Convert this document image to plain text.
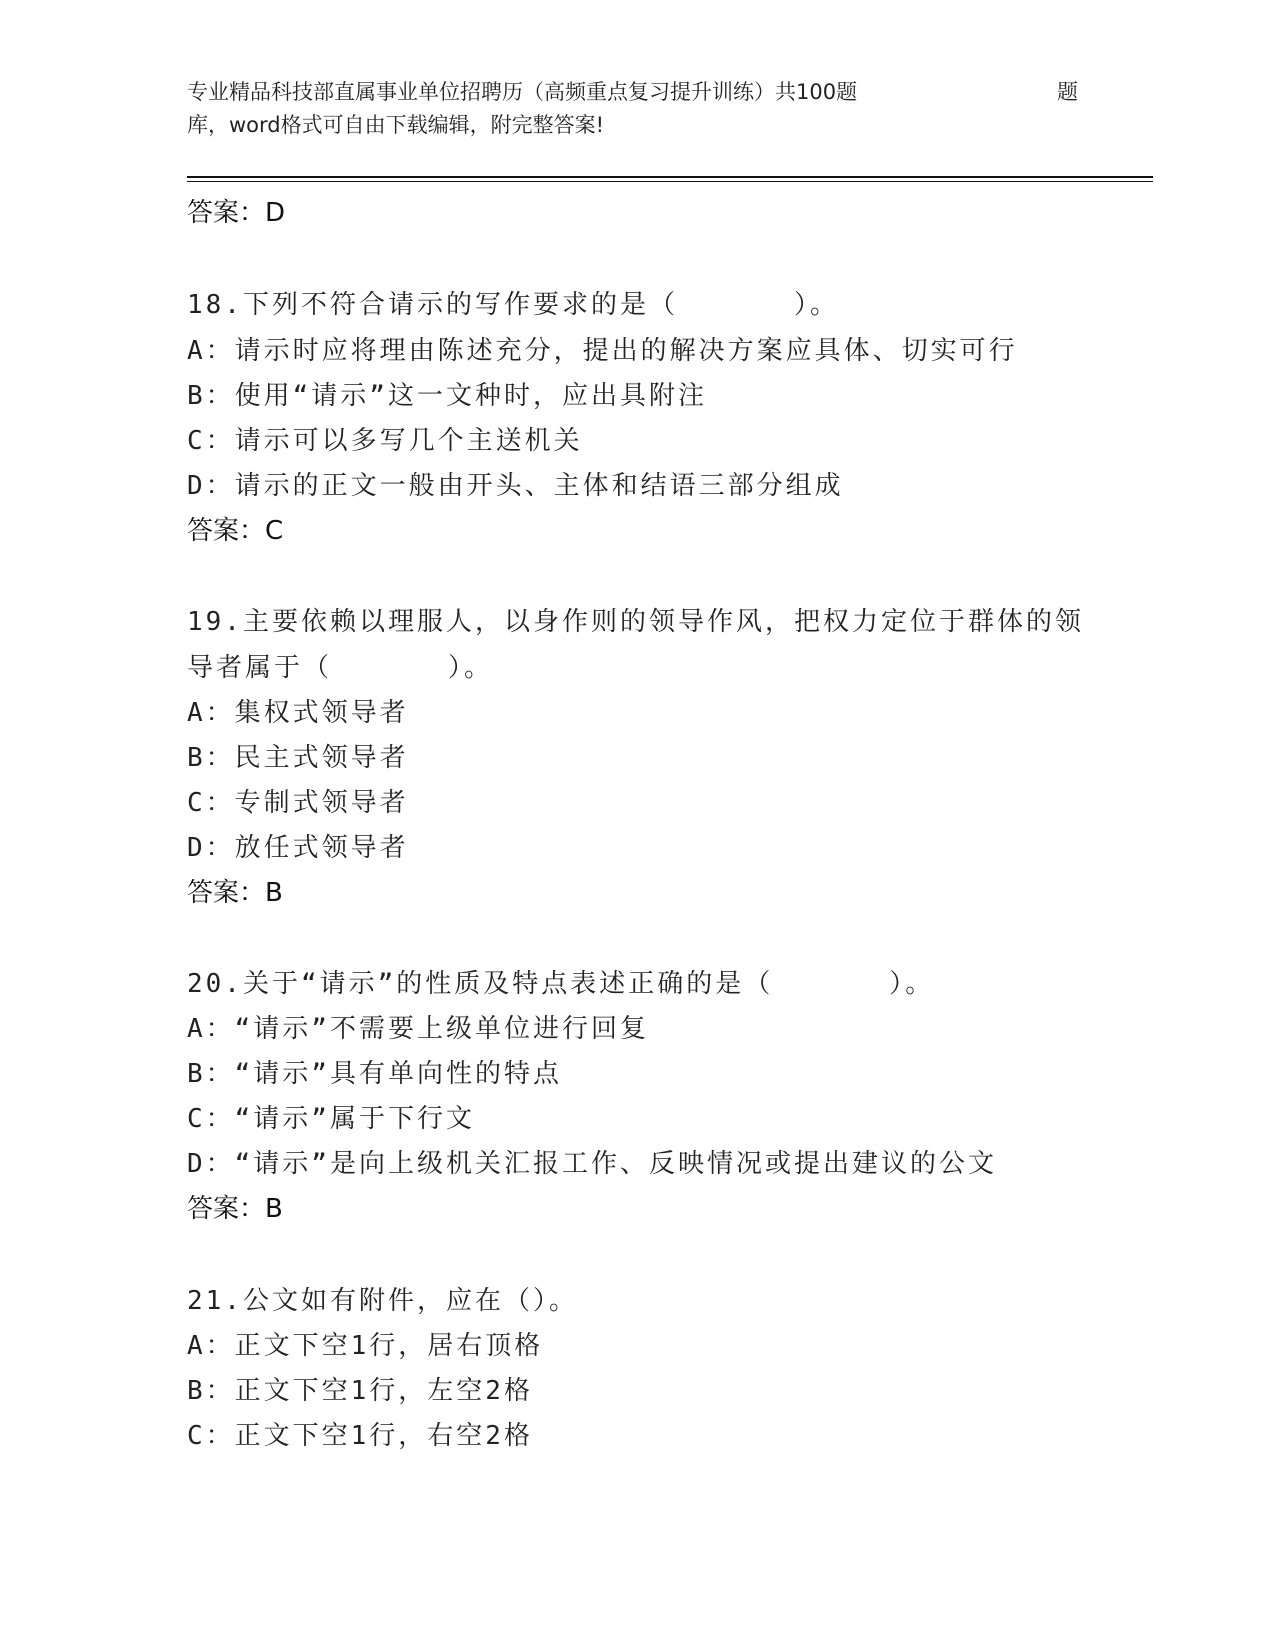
专业精品科技部直属事业单位招聘历（高频重点复习提升训练）共100题	题
库，word格式可自由下载编辑，附完整答案!
答案：D
18.下列不符合请示的写作要求的是（　　　　）。
A：请示时应将理由陈述充分，提出的解决方案应具体、切实可行
B：使用“请示”这一文种时，应出具附注
C：请示可以多写几个主送机关
D：请示的正文一般由开头、主体和结语三部分组成
答案：C
19.主要依赖以理服人，以身作则的领导作风，把权力定位于群体的领
导者属于（　　　　）。
A：集权式领导者
B：民主式领导者
C：专制式领导者
D：放任式领导者
答案：B
20.关于“请示”的性质及特点表述正确的是（　　　　）。
A：“请示”不需要上级单位进行回复
B：“请示”具有单向性的特点
C：“请示”属于下行文
D：“请示”是向上级机关汇报工作、反映情况或提出建议的公文
答案：B
21.公文如有附件，应在（）。
A：正文下空1行，居右顶格
B：正文下空1行，左空2格
C：正文下空1行，右空2格
